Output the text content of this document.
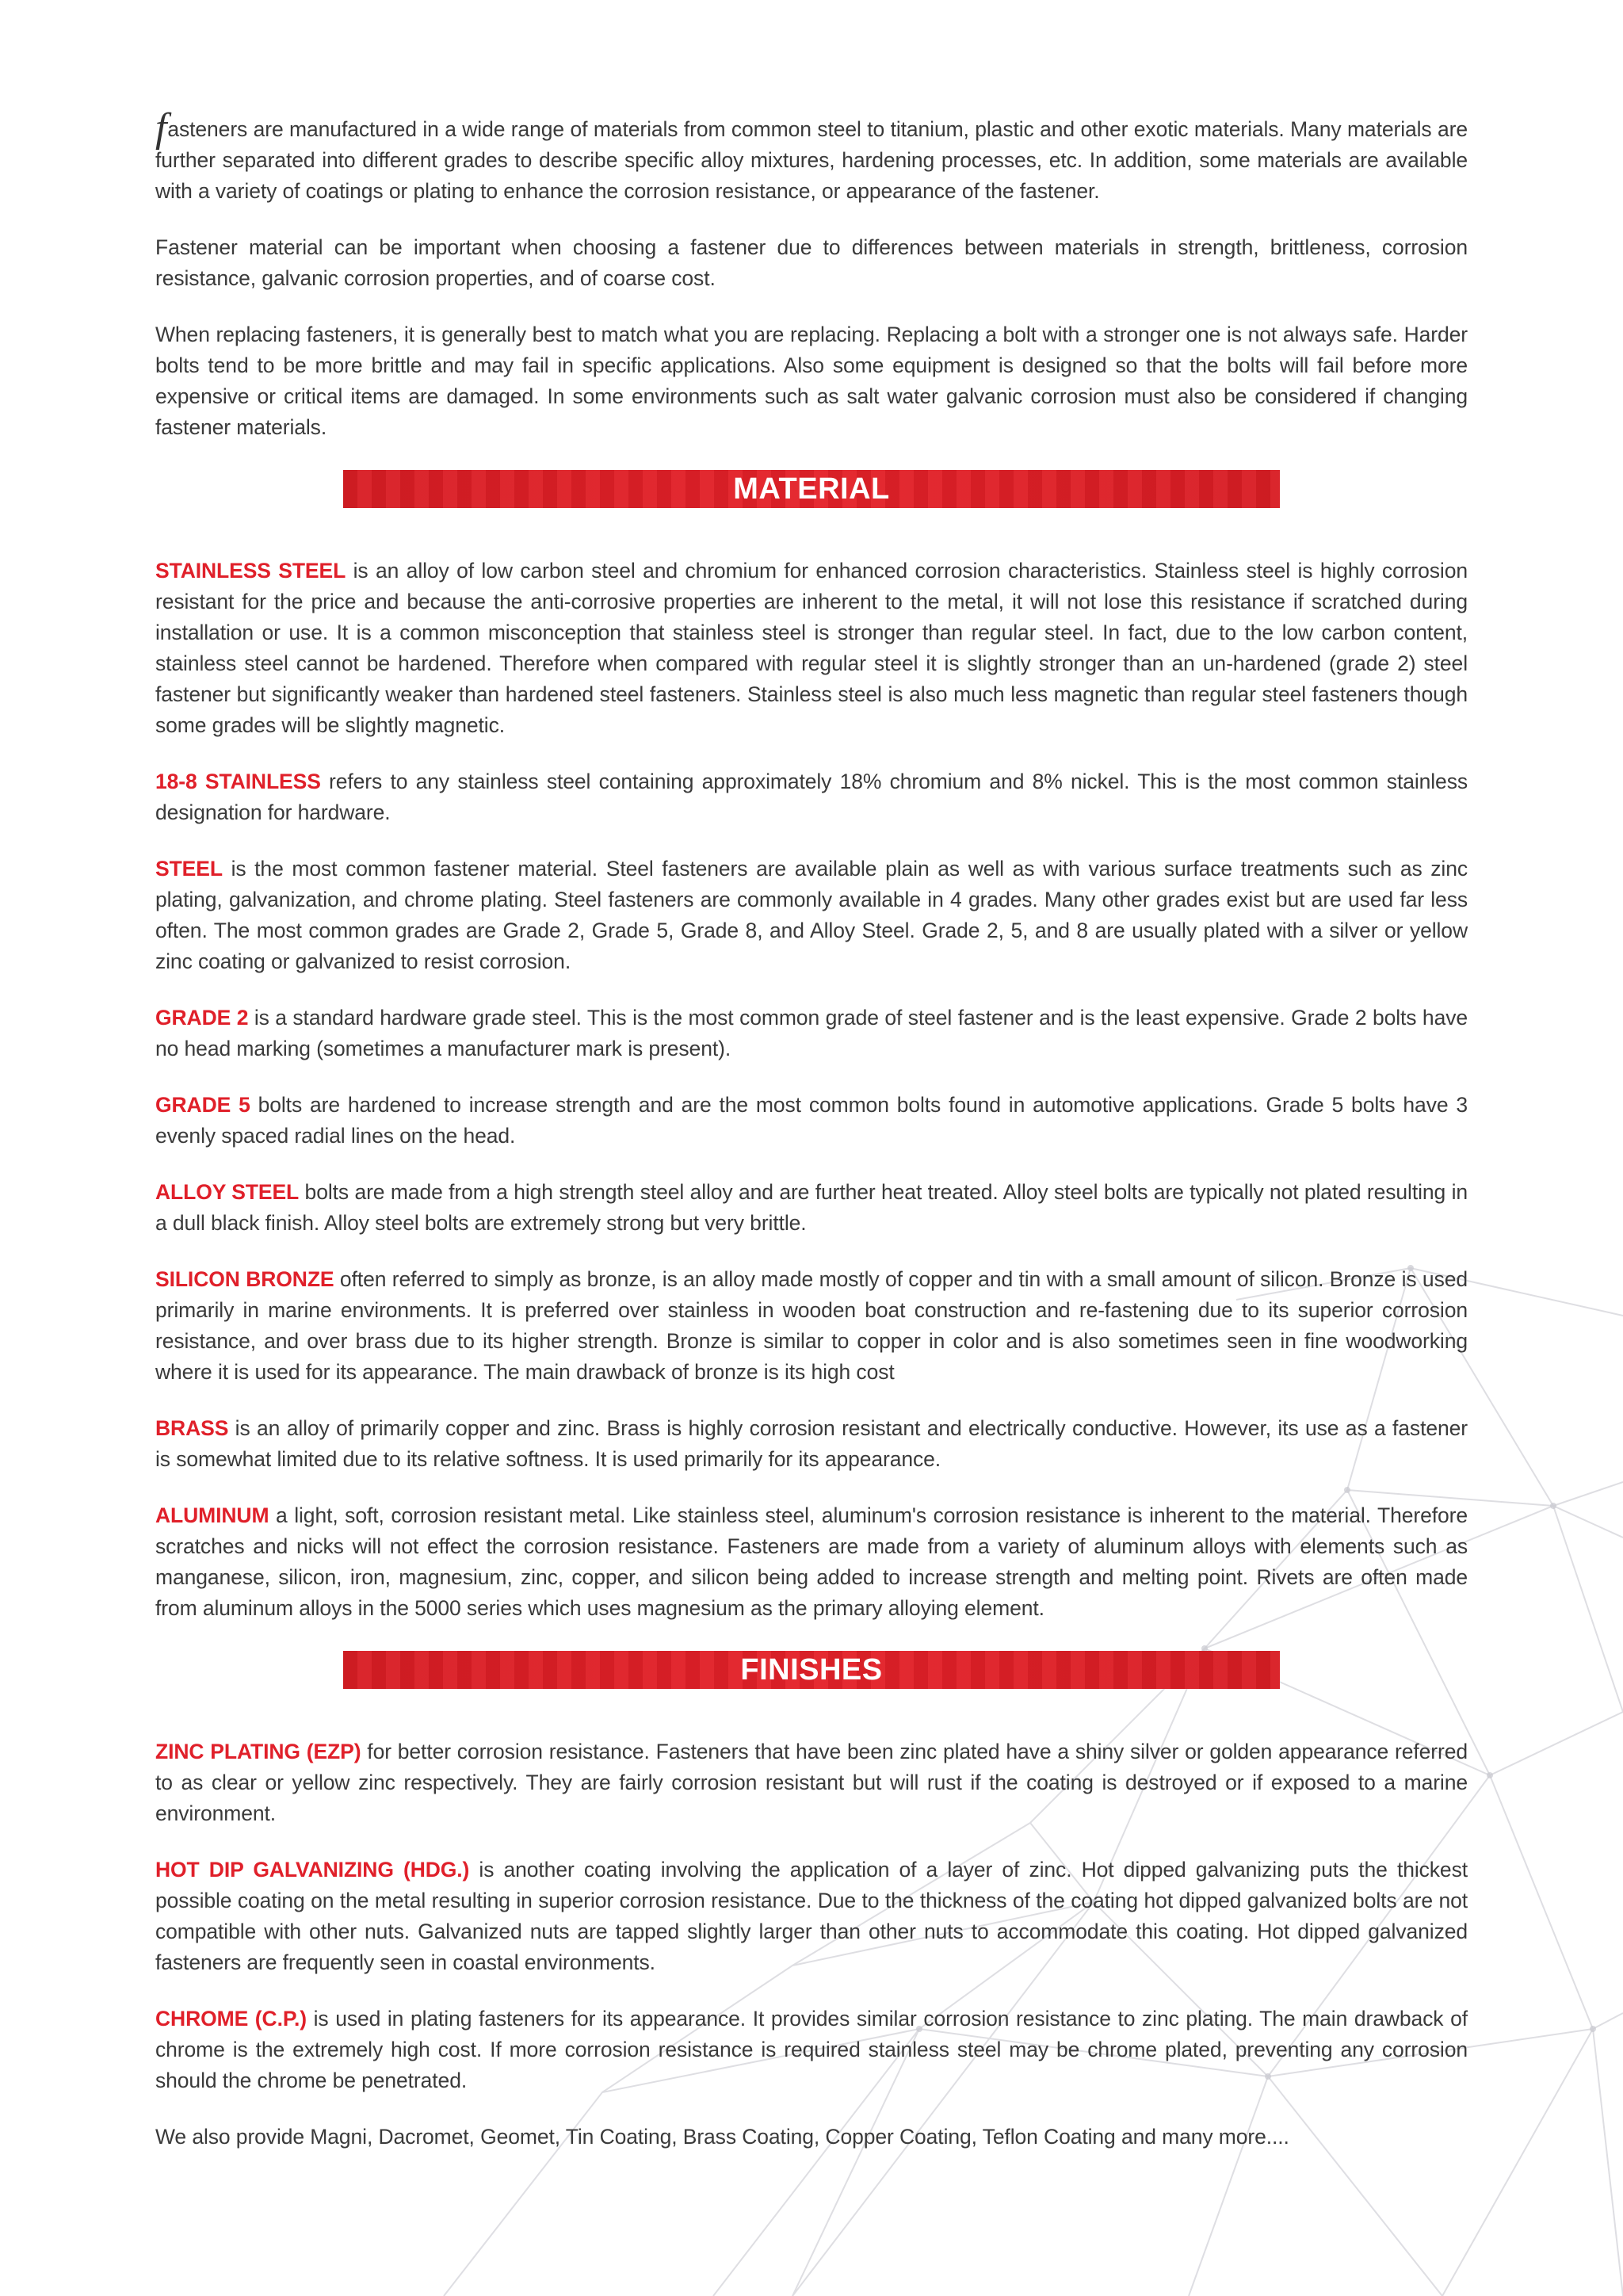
fasteners are manufactured in a wide range of materials from common steel to titanium, plastic and other exotic materials. Many materials are further separated into different grades to describe specific alloy mixtures, hardening processes, etc. In addition, some materials are available with a variety of coatings or plating to enhance the corrosion resistance, or appearance of the fastener.

Fastener material can be important when choosing a fastener due to differences between materials in strength, brittleness, corrosion resistance, galvanic corrosion properties, and of coarse cost.

When replacing fasteners, it is generally best to match what you are replacing. Replacing a bolt with a stronger one is not always safe. Harder bolts tend to be more brittle and may fail in specific applications. Also some equipment is designed so that the bolts will fail before more expensive or critical items are damaged. In some environments such as salt water galvanic corrosion must also be considered if changing fastener materials.

MATERIAL

STAINLESS STEEL is an alloy of low carbon steel and chromium for enhanced corrosion characteristics. Stainless steel is highly corrosion resistant for the price and because the anti-corrosive properties are inherent to the metal, it will not lose this resistance if scratched during installation or use. It is a common misconception that stainless steel is stronger than regular steel. In fact, due to the low carbon content, stainless steel cannot be hardened. Therefore when compared with regular steel it is slightly stronger than an un-hardened (grade 2) steel fastener but significantly weaker than hardened steel fasteners. Stainless steel is also much less magnetic than regular steel fasteners though some grades will be slightly magnetic.

18-8 STAINLESS refers to any stainless steel containing approximately 18% chromium and 8% nickel. This is the most common stainless designation for hardware.

STEEL is the most common fastener material. Steel fasteners are available plain as well as with various surface treatments such as zinc plating, galvanization, and chrome plating. Steel fasteners are commonly available in 4 grades. Many other grades exist but are used far less often. The most common grades are Grade 2, Grade 5, Grade 8, and Alloy Steel. Grade 2, 5, and 8 are usually plated with a silver or yellow zinc coating or galvanized to resist corrosion.

GRADE 2 is a standard hardware grade steel. This is the most common grade of steel fastener and is the least expensive. Grade 2 bolts have no head marking (sometimes a manufacturer mark is present).

GRADE 5 bolts are hardened to increase strength and are the most common bolts found in automotive applications. Grade 5 bolts have 3 evenly spaced radial lines on the head.

ALLOY STEEL bolts are made from a high strength steel alloy and are further heat treated. Alloy steel bolts are typically not plated resulting in a dull black finish. Alloy steel bolts are extremely strong but very brittle.

SILICON BRONZE often referred to simply as bronze, is an alloy made mostly of copper and tin with a small amount of silicon. Bronze is used primarily in marine environments. It is preferred over stainless in wooden boat construction and re-fastening due to its superior corrosion resistance, and over brass due to its higher strength. Bronze is similar to copper in color and is also sometimes seen in fine woodworking where it is used for its appearance. The main drawback of bronze is its high cost

BRASS is an alloy of primarily copper and zinc. Brass is highly corrosion resistant and electrically conductive. However, its use as a fastener is somewhat limited due to its relative softness. It is used primarily for its appearance.

ALUMINUM a light, soft, corrosion resistant metal. Like stainless steel, aluminum's corrosion resistance is inherent to the material. Therefore scratches and nicks will not effect the corrosion resistance. Fasteners are made from a variety of aluminum alloys with elements such as manganese, silicon, iron, magnesium, zinc, copper, and silicon being added to increase strength and melting point. Rivets are often made from aluminum alloys in the 5000 series which uses magnesium as the primary alloying element.

FINISHES

ZINC PLATING (EZP) for better corrosion resistance. Fasteners that have been zinc plated have a shiny silver or golden appearance referred to as clear or yellow zinc respectively. They are fairly corrosion resistant but will rust if the coating is destroyed or if exposed to a marine environment.

HOT DIP GALVANIZING (HDG.) is another coating involving the application of a layer of zinc. Hot dipped galvanizing puts the thickest possible coating on the metal resulting in superior corrosion resistance. Due to the thickness of the coating hot dipped galvanized bolts are not compatible with other nuts. Galvanized nuts are tapped slightly larger than other nuts to accommodate this coating. Hot dipped galvanized fasteners are frequently seen in coastal environments.

CHROME (C.P.) is used in plating fasteners for its appearance. It provides similar corrosion resistance to zinc plating. The main drawback of chrome is the extremely high cost. If more corrosion resistance is required stainless steel may be chrome plated, preventing any corrosion should the chrome be penetrated.

We also provide Magni, Dacromet, Geomet, Tin Coating, Brass Coating, Copper Coating, Teflon Coating and many more....
